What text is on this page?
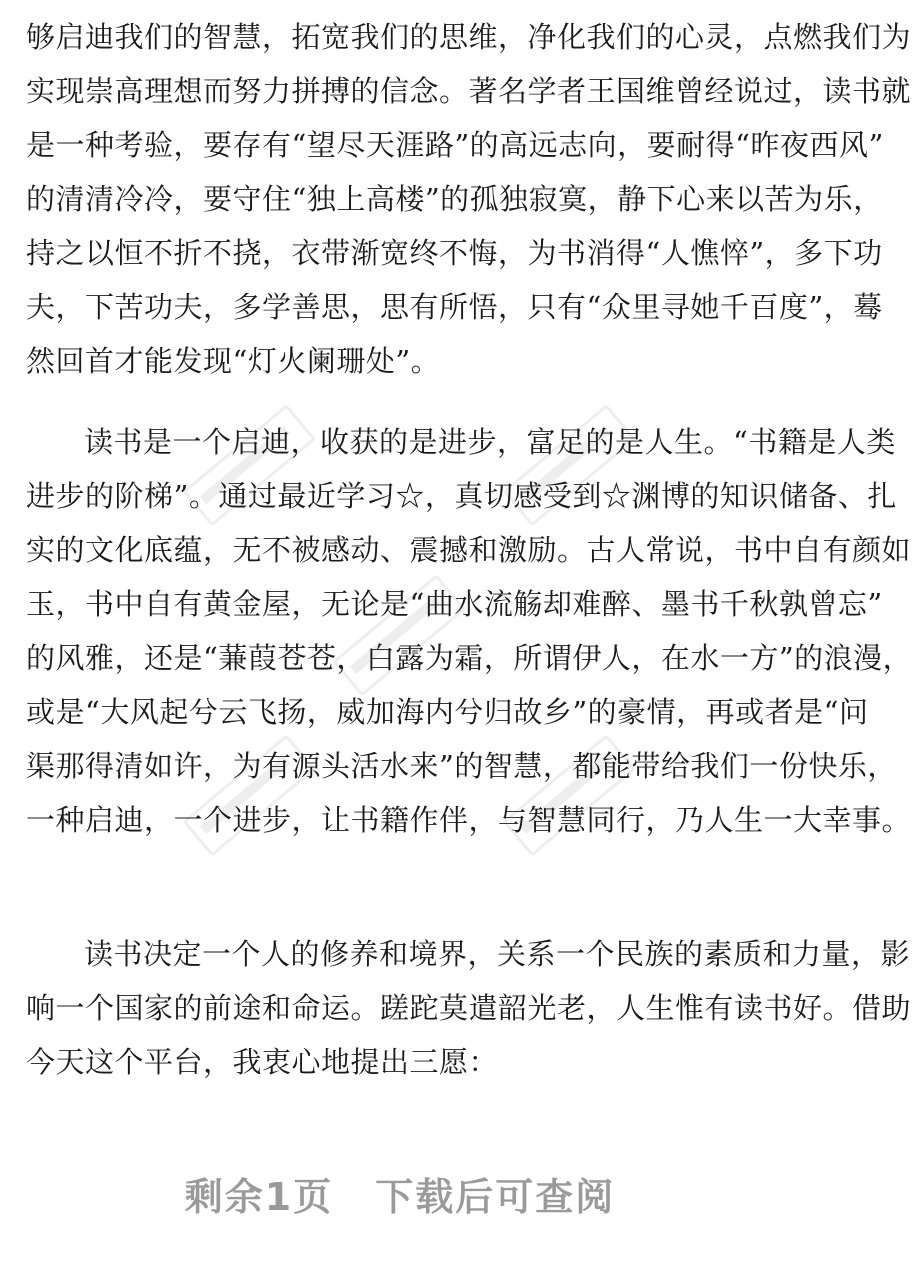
够启迪我们的智慧，拓宽我们的思维，净化我们的心灵，点燃我们为
实现崇高理想而努力拼搏的信念。著名学者王国维曾经说过，读书就
是一种考验，要存有“望尽天涯路”的高远志向，要耐得“昨夜西风”
的清清冷冷，要守住“独上高楼”的孤独寂寞，静下心来以苦为乐，
持之以恒不折不挠，衣带渐宽终不悔，为书消得“人憔悴”，多下功
夫，下苦功夫，多学善思，思有所悟，只有“众里寻她千百度”，蓦
然回首才能发现“灯火阑珊处”。
读书是一个启迪，收获的是进步，富足的是人生。“书籍是人类
进步的阶梯”。通过最近学习☆，真切感受到☆渊博的知识储备、扎
实的文化底蕴，无不被感动、震撼和激励。古人常说，书中自有颜如
玉，书中自有黄金屋，无论是“曲水流觞却难醉、墨书千秋孰曾忘”
的风雅，还是“蒹葭苍苍，白露为霜，所谓伊人，在水一方”的浪漫，
或是“大风起兮云飞扬，威加海内兮归故乡”的豪情，再或者是“问
渠那得清如许，为有源头活水来”的智慧，都能带给我们一份快乐，
一种启迪，一个进步，让书籍作伴，与智慧同行，乃人生一大幸事。
读书决定一个人的修养和境界，关系一个民族的素质和力量，影
响一个国家的前途和命运。蹉跎莫遣韶光老，人生惟有读书好。借助
今天这个平台，我衷心地提出三愿：
剩余1页 下载后可查阅
